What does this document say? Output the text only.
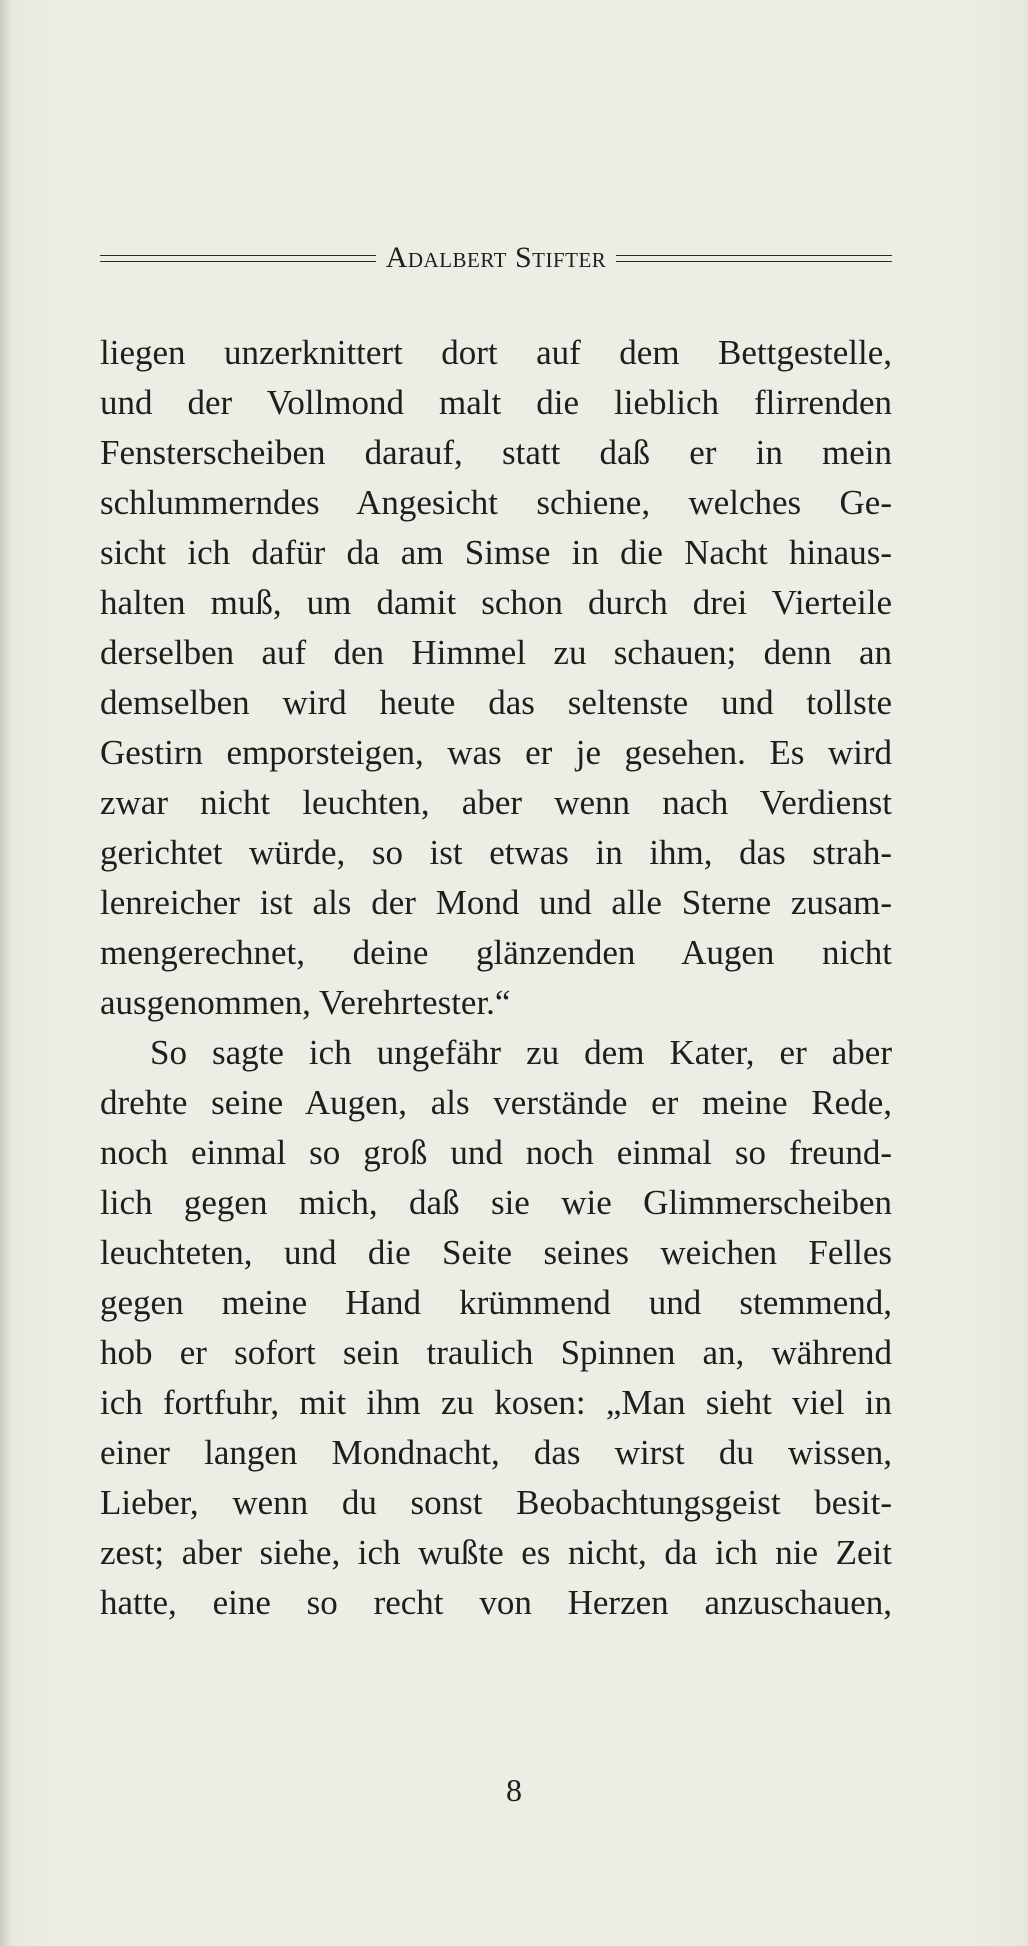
Adalbert Stifter
liegen unzerknittert dort auf dem Bettgestelle,
und der Vollmond malt die lieblich flirrenden
Fensterscheiben darauf, statt daß er in mein
schlummerndes Angesicht schiene, welches Ge-
sicht ich dafür da am Simse in die Nacht hinaus-
halten muß, um damit schon durch drei Vierteile
derselben auf den Himmel zu schauen; denn an
demselben wird heute das seltenste und tollste
Gestirn emporsteigen, was er je gesehen. Es wird
zwar nicht leuchten, aber wenn nach Verdienst
gerichtet würde, so ist etwas in ihm, das strah-
lenreicher ist als der Mond und alle Sterne zusam-
mengerechnet, deine glänzenden Augen nicht
ausgenommen, Verehrtester.“
So sagte ich ungefähr zu dem Kater, er aber
drehte seine Augen, als verstände er meine Rede,
noch einmal so groß und noch einmal so freund-
lich gegen mich, daß sie wie Glimmerscheiben
leuchteten, und die Seite seines weichen Felles
gegen meine Hand krümmend und stemmend,
hob er sofort sein traulich Spinnen an, während
ich fortfuhr, mit ihm zu kosen: „Man sieht viel in
einer langen Mondnacht, das wirst du wissen,
Lieber, wenn du sonst Beobachtungsgeist besit-
zest; aber siehe, ich wußte es nicht, da ich nie Zeit
hatte, eine so recht von Herzen anzuschauen,
8
